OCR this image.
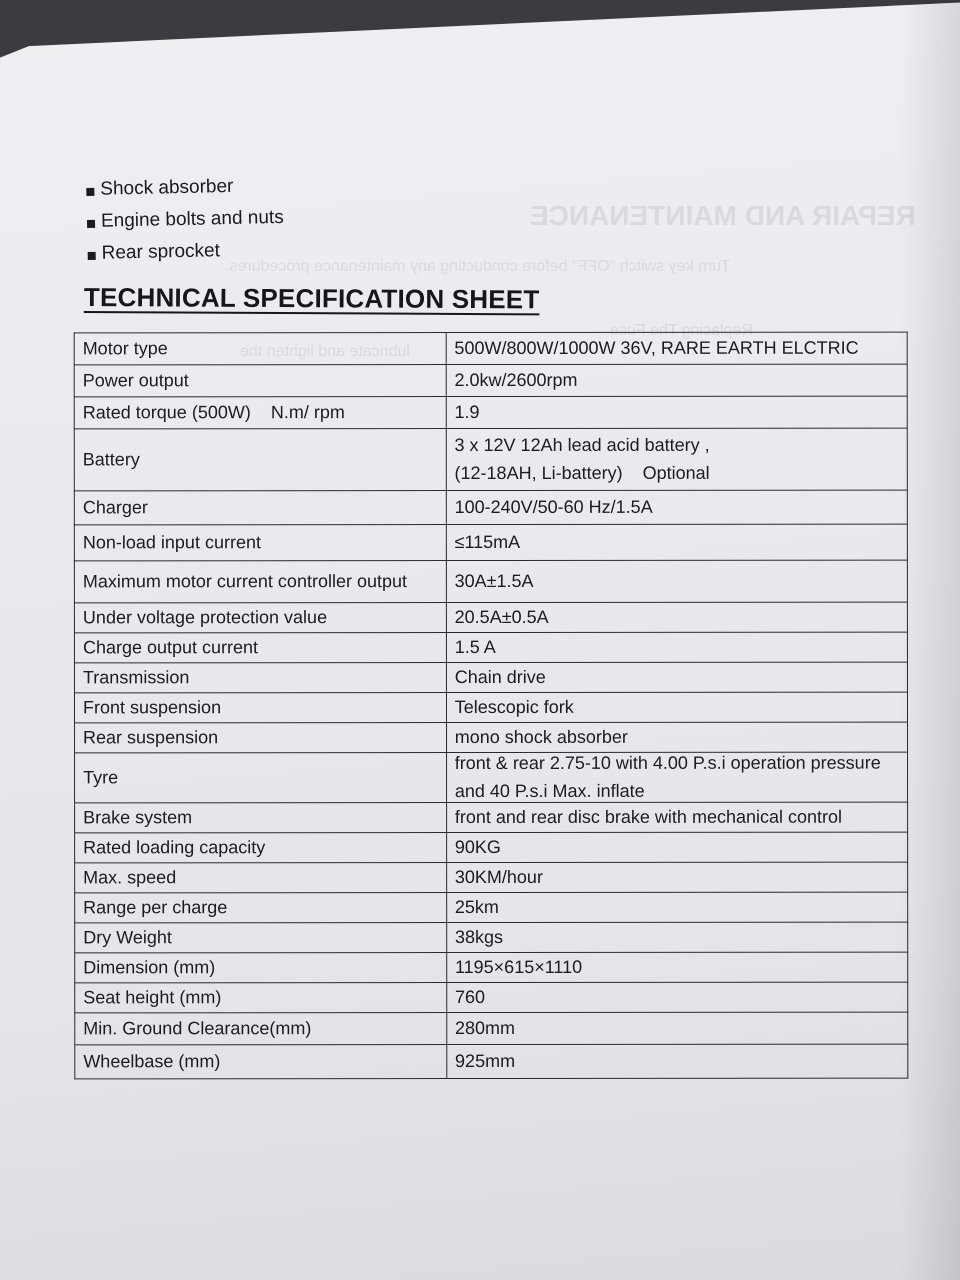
Shock absorber
Engine bolts and nuts
Rear sprocket
TECHNICAL SPECIFICATION SHEET
Motor type	500W/800W/1000W 36V, RARE EARTH ELCTRIC
Power output	2.0kw/2600rpm
Rated torque (500W)    N.m/ rpm	1.9
Battery	3 x 12V 12Ah lead acid battery ,
(12-18AH, Li-battery)    Optional

Charger	100-240V/50-60 Hz/1.5A
Non-load input current	≤115mA
Maximum motor current controller output	30A±1.5A
Under voltage protection value	20.5A±0.5A
Charge output current	1.5 A
Transmission	Chain drive
Front suspension	Telescopic fork
Rear suspension	mono shock absorber
Tyre	front & rear 2.75-10 with 4.00 P.s.i operation pressure
and 40 P.s.i Max. inflate

Brake system	front and rear disc brake with mechanical control
Rated loading capacity	90KG
Max. speed	30KM/hour
Range per charge	25km
Dry Weight	38kgs
Dimension (mm)	1195×615×1110
Seat height (mm)	760
Min. Ground Clearance(mm)	280mm
Wheelbase (mm)	925mm
